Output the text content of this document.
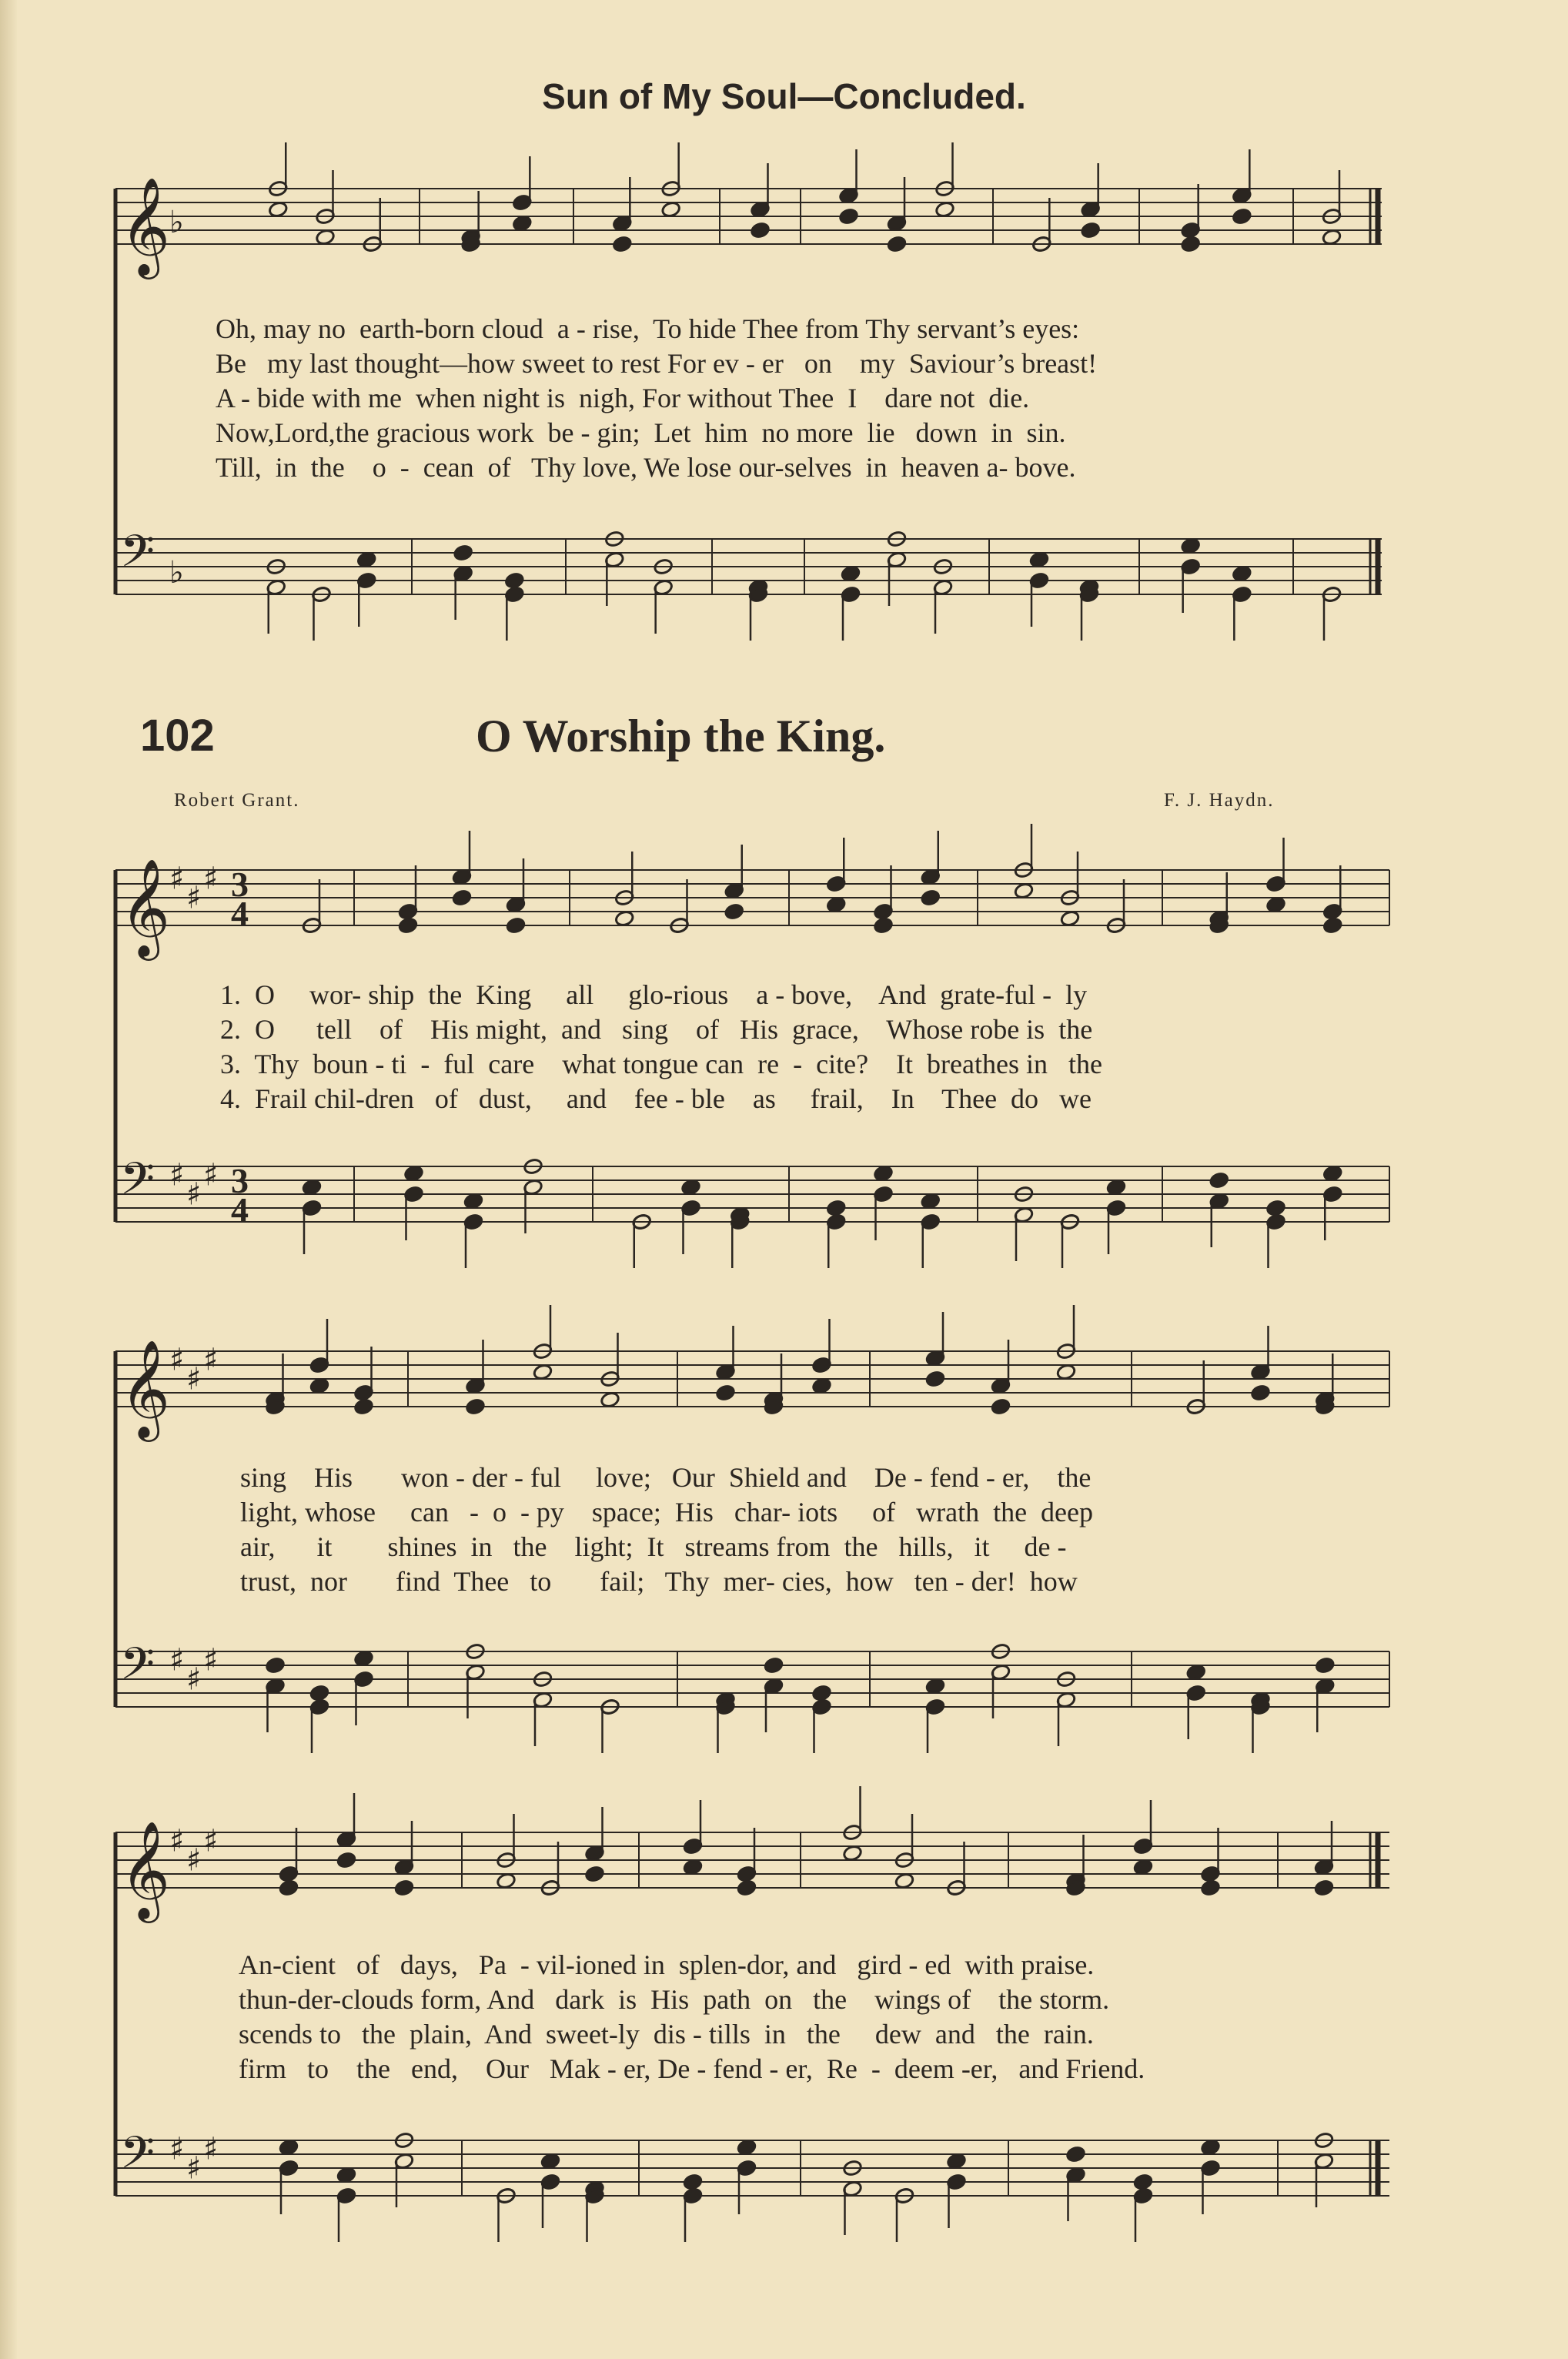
Sun of My Soul—Concluded.
102	O Worship the King.
Robert Grant.	F. J. Haydn.
𝄞
♭
𝄢 ♭
𝄞
♯
♯
♯ 3
4
𝄢 ♯
♯
♯ 3
4
𝄞
♯
♯
♯
𝄢 ♯
♯
♯
𝄞
♯
♯
♯
𝄢 ♯
♯
♯
Oh, may no  earth-born cloud  a - rise,  To hide Thee from Thy servant’s eyes:
Be   my last thought—how sweet to rest For ev - er   on    my  Saviour’s breast!
A - bide with me  when night is  nigh, For without Thee  I    dare not  die.
Now,Lord,the gracious work  be - gin;  Let  him  no more  lie   down  in  sin.
Till,  in  the    o  -  cean  of   Thy love, We lose our-selves  in  heaven a- bove.
1.  O     wor- ship  the  King     all     glo-rious    a - bove,    And  grate-ful -  ly
2.  O      tell    of    His might,  and   sing    of   His  grace,    Whose robe is  the
3.  Thy  boun - ti  -  ful  care    what tongue can  re  -  cite?    It  breathes in   the
4.  Frail chil-dren   of   dust,     and    fee - ble    as     frail,    In    Thee  do   we
sing    His       won - der - ful     love;   Our  Shield and    De - fend - er,    the
light, whose     can   -  o  - py    space;  His   char- iots     of   wrath  the  deep
air,      it        shines  in   the    light;  It   streams from  the   hills,   it     de -
trust,  nor       find  Thee   to       fail;   Thy  mer- cies,  how   ten - der!  how
An-cient   of   days,   Pa  - vil-ioned in  splen-dor, and   gird - ed  with praise.
thun-der-clouds form, And   dark  is  His  path  on   the    wings of    the storm.
scends to   the  plain,  And  sweet-ly  dis - tills  in   the     dew  and   the  rain.
firm   to    the   end,    Our   Mak - er, De - fend - er,  Re  -  deem -er,   and Friend.
